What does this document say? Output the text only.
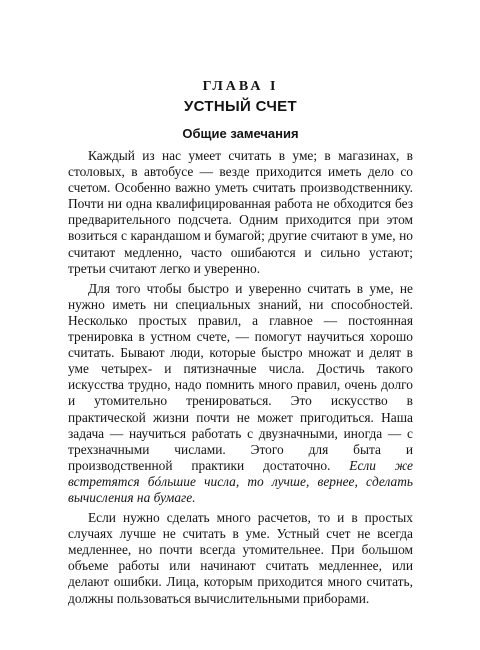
ГЛАВА I
УСТНЫЙ СЧЕТ
Общие замечания

Каждый из нас умеет считать в уме; в магазинах, в столовых, в автобусе — везде приходится иметь дело со счетом. Особенно важно уметь считать производственнику. Почти ни одна квалифицированная работа не обходится без предварительного подсчета. Одним приходится при этом возиться с карандашом и бумагой; другие считают в уме, но считают медленно, часто ошибаются и сильно устают; третьи считают легко и уверенно.

Для того чтобы быстро и уверенно считать в уме, не нужно иметь ни специальных знаний, ни способностей. Несколько простых правил, а главное — постоянная тренировка в устном счете, — помогут научиться хорошо считать. Бывают люди, которые быстро множат и делят в уме четырех- и пятизначные числа. Достичь такого искусства трудно, надо помнить много правил, очень долго и утомительно тренироваться. Это искусство в практической жизни почти не может пригодиться. Наша задача — научиться работать с двузначными, иногда — с трехзначными числами. Этого для быта и производственной практики достаточно. Если же встретятся бóльшие числа, то лучше, вернее, сделать вычисления на бумаге.

Если нужно сделать много расчетов, то и в простых случаях лучше не считать в уме. Устный счет не всегда медленнее, но почти всегда утомительнее. При большом объеме работы или начинают считать медленнее, или делают ошибки. Лица, которым приходится много считать, должны пользоваться вычислительными приборами.
